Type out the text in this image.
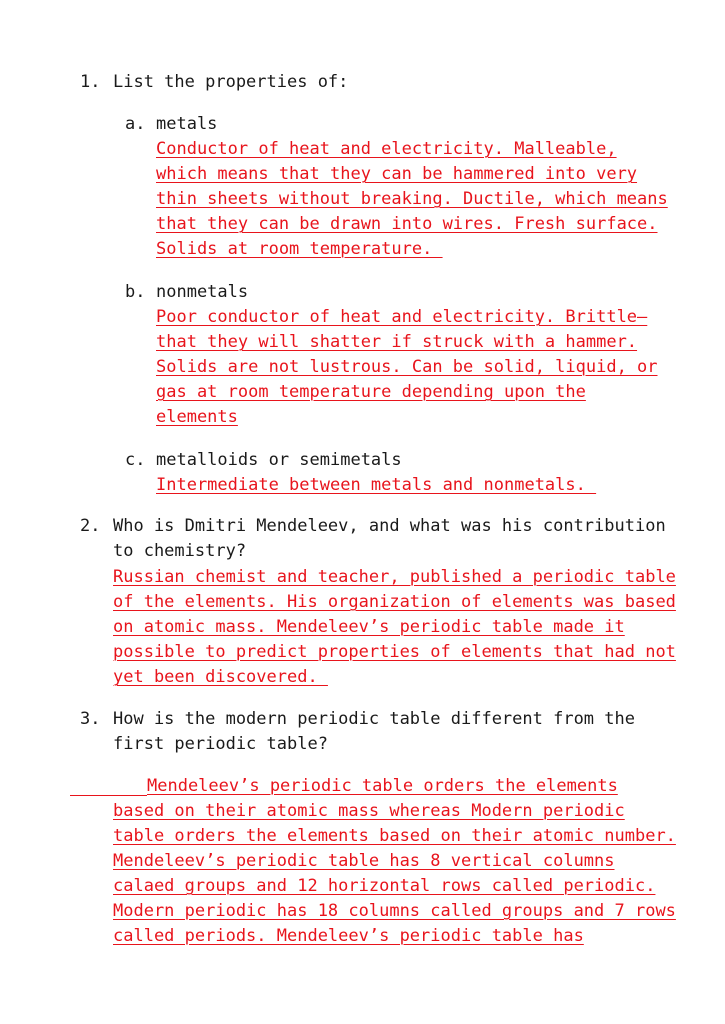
1. List the properties of:
a. metals
Conductor of heat and electricity. Malleable,
which means that they can be hammered into very
thin sheets without breaking. Ductile, which means
that they can be drawn into wires. Fresh surface.
Solids at room temperature.
b. nonmetals
Poor conductor of heat and electricity. Brittle—
that they will shatter if struck with a hammer.
Solids are not lustrous. Can be solid, liquid, or
gas at room temperature depending upon the
elements
c. metalloids or semimetals
Intermediate between metals and nonmetals.
2. Who is Dmitri Mendeleev, and what was his contribution
to chemistry?
Russian chemist and teacher, published a periodic table
of the elements. His organization of elements was based
on atomic mass. Mendeleev’s periodic table made it
possible to predict properties of elements that had not
yet been discovered.
3. How is the modern periodic table different from the
first periodic table?
Mendeleev’s periodic table orders the elements
based on their atomic mass whereas Modern periodic
table orders the elements based on their atomic number.
Mendeleev’s periodic table has 8 vertical columns
calaed groups and 12 horizontal rows called periodic.
Modern periodic has 18 columns called groups and 7 rows
called periods. Mendeleev’s periodic table has
